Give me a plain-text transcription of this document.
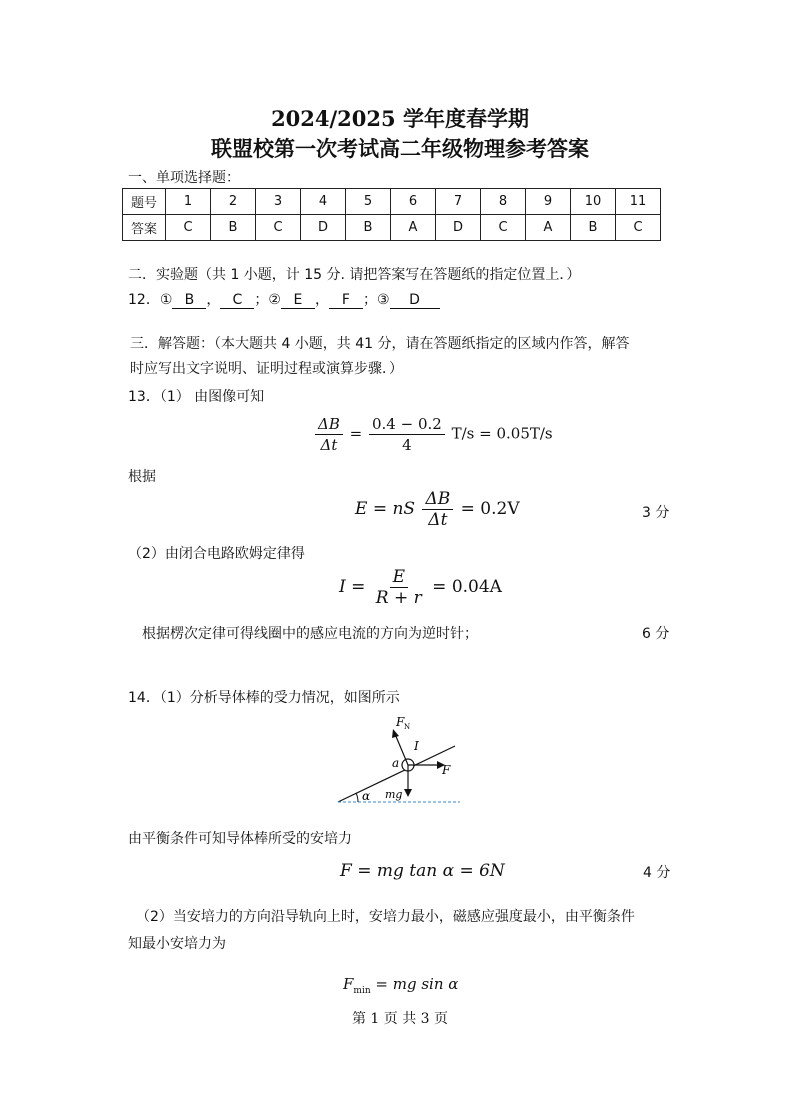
2024/2025 学年度春学期
联盟校第一次考试高二年级物理参考答案
一、单项选择题：
题号	1	2	3	4	5	6	7	8	9	10	11
答案	C	B	C	D	B	A	D	C	A	B	C
二．实验题（共 1 小题，计 15 分. 请把答案写在答题纸的指定位置上．）
12．① B ， C ；② E ， F ；③ D
三．解答题：（本大题共 4 小题，共 41 分，请在答题纸指定的区域内作答，解答
时应写出文字说明、证明过程或演算步骤．）
13．（1） 由图像可知
$\frac{\Delta B}{\Delta t} = \frac{0.4 - 0.2}{4} T/s = 0.05T/s$
根据
E = nS $\frac{\Delta B}{\Delta t} = 0.2V$	3 分
（2）由闭合电路欧姆定律得
$I = \frac{E}{R + r} = 0.04A$
根据楞次定律可得线圈中的感应电流的方向为逆时针；	6 分
14．（1）分析导体棒的受力情况，如图所示
F N
I
a	F
mg
α
由平衡条件可知导体棒所受的安培力
F = mg tan α = 6N	4 分
（2）当安培力的方向沿导轨向上时，安培力最小，磁感应强度最小，由平衡条件
知最小安培力为
$F_{min}$ = mg sin α
第 1 页 共 3 页
